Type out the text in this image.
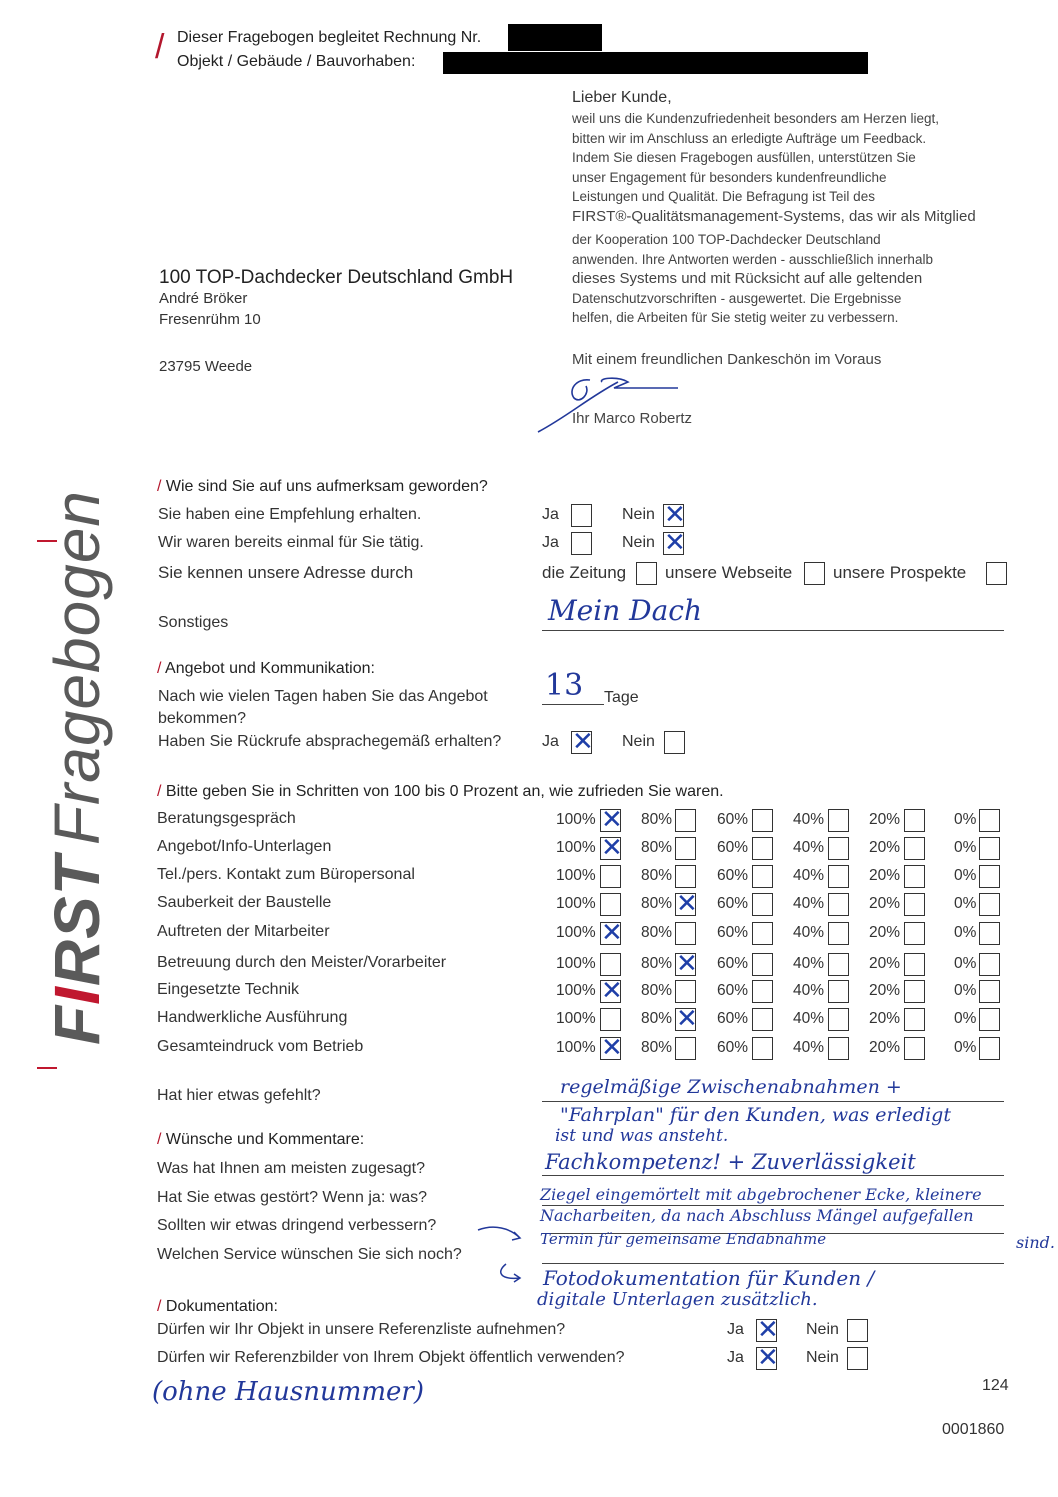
/ Dieser Fragebogen begleitet Rechnung Nr.
Objekt / Gebäude / Bauvorhaben:
Lieber Kunde,
weil uns die Kundenzufriedenheit besonders am Herzen liegt,
bitten wir im Anschluss an erledigte Aufträge um Feedback.
Indem Sie diesen Fragebogen ausfüllen, unterstützen Sie
unser Engagement für besonders kundenfreundliche
Leistungen und Qualität. Die Befragung ist Teil des
FIRST®-Qualitätsmanagement-Systems, das wir als Mitglied
der Kooperation 100 TOP-Dachdecker Deutschland
anwenden. Ihre Antworten werden - ausschließlich innerhalb
dieses Systems und mit Rücksicht auf alle geltenden
Datenschutzvorschriften - ausgewertet. Die Ergebnisse
helfen, die Arbeiten für Sie stetig weiter zu verbessern.
Mit einem freundlichen Dankeschön im Voraus
Ihr Marco Robertz
100 TOP-Dachdecker Deutschland GmbH
André Bröker
Fresenrühm 10
23795 Weede
FIRSTFragebogen
/ Wie sind Sie auf uns aufmerksam geworden?
Sie haben eine Empfehlung erhalten.	Ja	Nein ✕
Wir waren bereits einmal für Sie tätig.	Ja	Nein ✕
Sie kennen unsere Adresse durch	die Zeitung unsere Webseite unsere Prospekte
Sonstiges	Mein Dach
/ Angebot und Kommunikation:
Nach wie vielen Tagen haben Sie das Angebot
bekommen?
13 Tage
Haben Sie Rückrufe absprachegemäß erhalten?	Ja ✕ Nein
/ Bitte geben Sie in Schritten von 100 bis 0 Prozent an, wie zufrieden Sie waren.
Beratungsgespräch	100% ✕ 80%	60%	40%	20%	0%
Angebot/Info-Unterlagen	100% ✕ 80%	60%	40%	20%	0%
Tel./pers. Kontakt zum Büropersonal	100%	80%	60%	40%	20%	0%
Sauberkeit der Baustelle	100%	80% ✕ 60%	40%	20%	0%
Auftreten der Mitarbeiter	100% ✕ 80%	60%	40%	20%	0%
Betreuung durch den Meister/Vorarbeiter	100%	80% ✕ 60%	40%	20%	0%
Eingesetzte Technik	100% ✕ 80%	60%	40%	20%	0%
Handwerkliche Ausführung	100%	80% ✕ 60%	40%	20%	0%
Gesamteindruck vom Betrieb	100% ✕ 80%	60%	40%	20%	0%
Hat hier etwas gefehlt?	regelmäßige Zwischenabnahmen +
"Fahrplan" für den Kunden, was erledigt
ist und was ansteht.
/ Wünsche und Kommentare:
Was hat Ihnen am meisten zugesagt?	Fachkompetenz! + Zuverlässigkeit
Hat Sie etwas gestört? Wenn ja: was?	Ziegel eingemörtelt mit abgebrochener Ecke, kleinere
Nacharbeiten, da nach Abschluss Mängel aufgefallen
sind.
Sollten wir etwas dringend verbessern?
Termin für gemeinsame Endabnahme
Welchen Service wünschen Sie sich noch?
Fotodokumentation für Kunden /
digitale Unterlagen zusätzlich.
/ Dokumentation:
Dürfen wir Ihr Objekt in unsere Referenzliste aufnehmen?	Ja ✕ Nein
Dürfen wir Referenzbilder von Ihrem Objekt öffentlich verwenden?	Ja ✕ Nein
(ohne Hausnummer)	124
0001860
